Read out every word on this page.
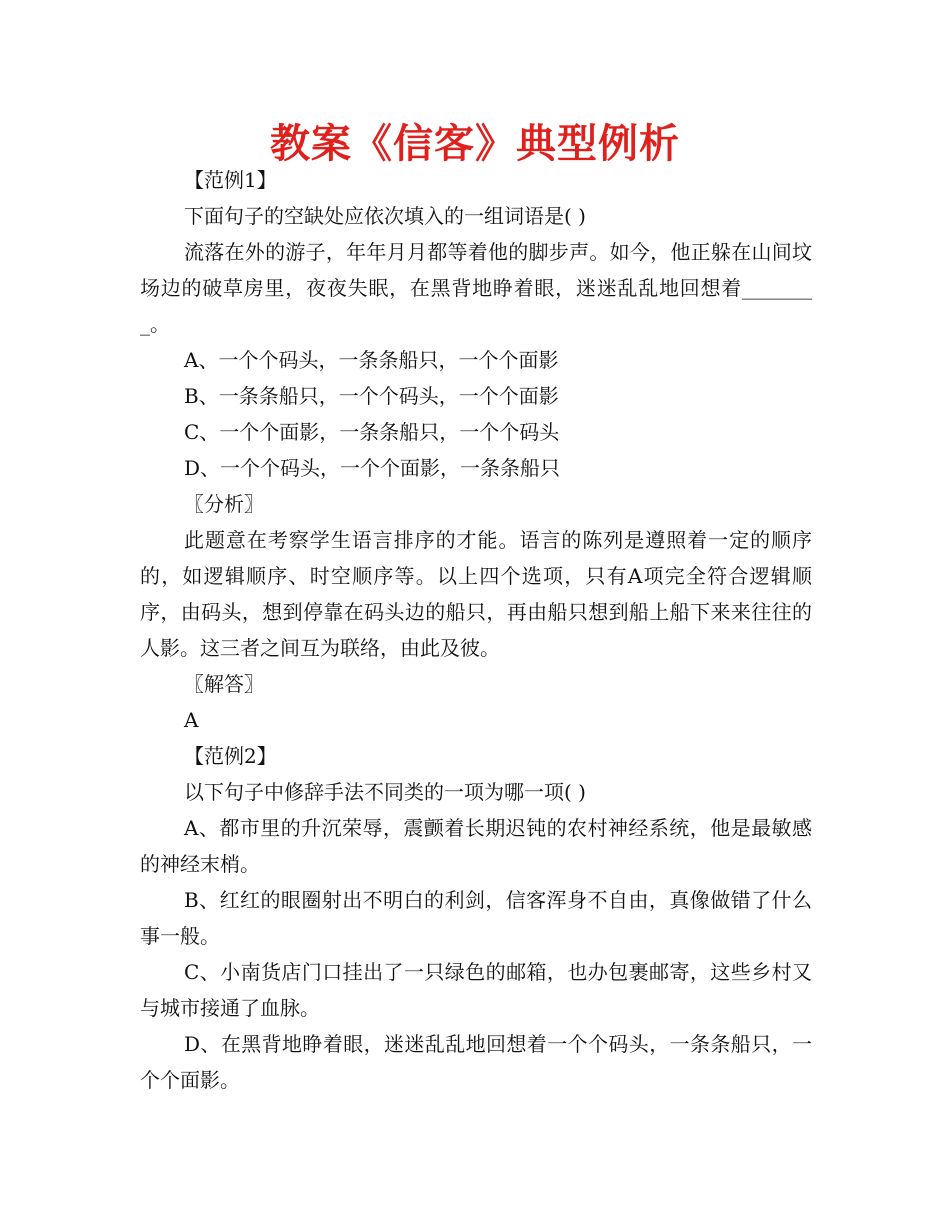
教案《信客》典型例析

【范例1】

下面句子的空缺处应依次填入的一组词语是( )

流落在外的游子，年年月月都等着他的脚步声。如今，他正躲在山间坟场边的破草房里，夜夜失眠，在黑背地睁着眼，迷迷乱乱地回想着________。

A、一个个码头，一条条船只，一个个面影

B、一条条船只，一个个码头，一个个面影

C、一个个面影，一条条船只，一个个码头

D、一个个码头，一个个面影，一条条船只

〖分析〗

此题意在考察学生语言排序的才能。语言的陈列是遵照着一定的顺序的，如逻辑顺序、时空顺序等。以上四个选项，只有A项完全符合逻辑顺序，由码头，想到停靠在码头边的船只，再由船只想到船上船下来来往往的人影。这三者之间互为联络，由此及彼。

〖解答〗

A

【范例2】

以下句子中修辞手法不同类的一项为哪一项( )

A、都市里的升沉荣辱，震颤着长期迟钝的农村神经系统，他是最敏感的神经末梢。

B、红红的眼圈射出不明白的利剑，信客浑身不自由，真像做错了什么事一般。

C、小南货店门口挂出了一只绿色的邮箱，也办包裹邮寄，这些乡村又与城市接通了血脉。

D、在黑背地睁着眼，迷迷乱乱地回想着一个个码头，一条条船只，一个个面影。
